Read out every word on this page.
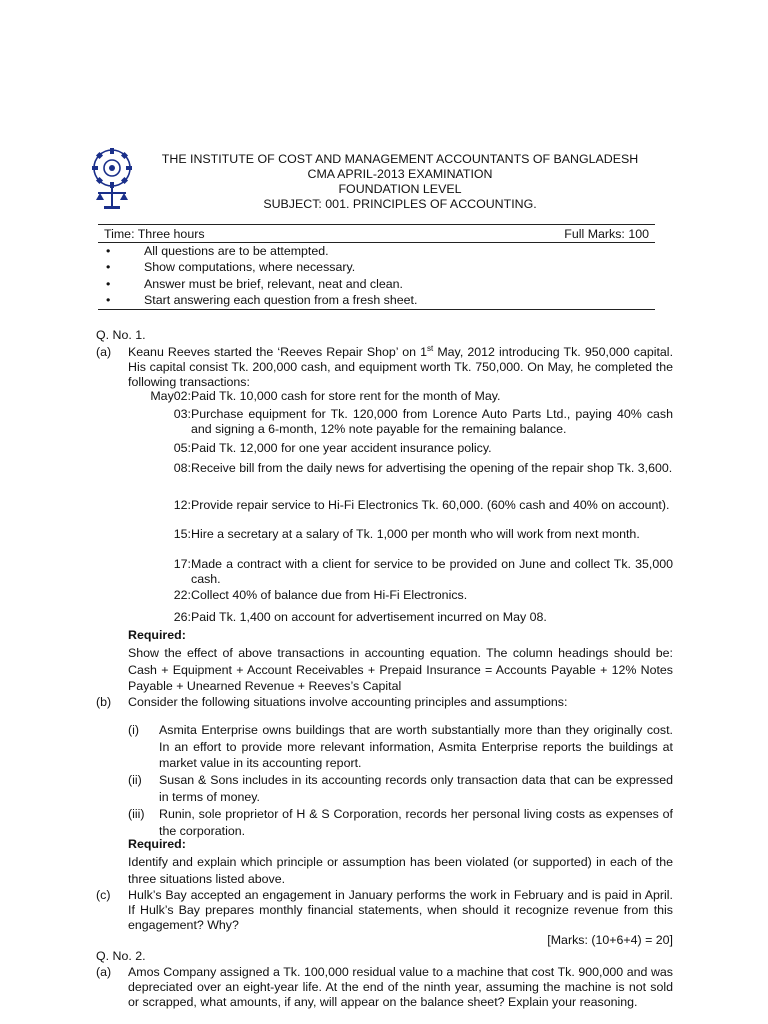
THE INSTITUTE OF COST AND MANAGEMENT ACCOUNTANTS OF BANGLADESH
CMA APRIL-2013 EXAMINATION
FOUNDATION LEVEL
SUBJECT: 001. PRINCIPLES OF ACCOUNTING.
Time: Three hours	Full Marks: 100
•	All questions are to be attempted.
•	Show computations, where necessary.
•	Answer must be brief, relevant, neat and clean.
•	Start answering each question from a fresh sheet.
Q. No. 1.
(a) Keanu Reeves started the ‘Reeves Repair Shop’ on 1st May, 2012 introducing Tk. 950,000 capital. His capital consist Tk. 200,000 cash, and equipment worth Tk. 750,000. On May, he completed the following transactions:
May02: Paid Tk. 10,000 cash for store rent for the month of May.
03: Purchase equipment for Tk. 120,000 from Lorence Auto Parts Ltd., paying 40% cash and signing a 6-month, 12% note payable for the remaining balance.
05: Paid Tk. 12,000 for one year accident insurance policy.
08: Receive bill from the daily news for advertising the opening of the repair shop Tk. 3,600.
12: Provide repair service to Hi-Fi Electronics Tk. 60,000. (60% cash and 40% on account).
15: Hire a secretary at a salary of Tk. 1,000 per month who will work from next month.
17: Made a contract with a client for service to be provided on June and collect Tk. 35,000 cash.
22: Collect 40% of balance due from Hi-Fi Electronics.
26: Paid Tk. 1,400 on account for advertisement incurred on May 08.
Required:
Show the effect of above transactions in accounting equation. The column headings should be: Cash + Equipment + Account Receivables + Prepaid Insurance = Accounts Payable + 12% Notes Payable + Unearned Revenue + Reeves’s Capital
(b) Consider the following situations involve accounting principles and assumptions:
(i)	Asmita Enterprise owns buildings that are worth substantially more than they originally cost. In an effort to provide more relevant information, Asmita Enterprise reports the buildings at market value in its accounting report.
(ii)	Susan & Sons includes in its accounting records only transaction data that can be expressed in terms of money.
(iii)	Runin, sole proprietor of H & S Corporation, records her personal living costs as expenses of the corporation.
Required:
Identify and explain which principle or assumption has been violated (or supported) in each of the three situations listed above.
(c) Hulk’s Bay accepted an engagement in January performs the work in February and is paid in April. If Hulk’s Bay prepares monthly financial statements, when should it recognize revenue from this engagement? Why?
[Marks: (10+6+4) = 20]
Q. No. 2.
(a) Amos Company assigned a Tk. 100,000 residual value to a machine that cost Tk. 900,000 and was depreciated over an eight-year life. At the end of the ninth year, assuming the machine is not sold or scrapped, what amounts, if any, will appear on the balance sheet? Explain your reasoning.
